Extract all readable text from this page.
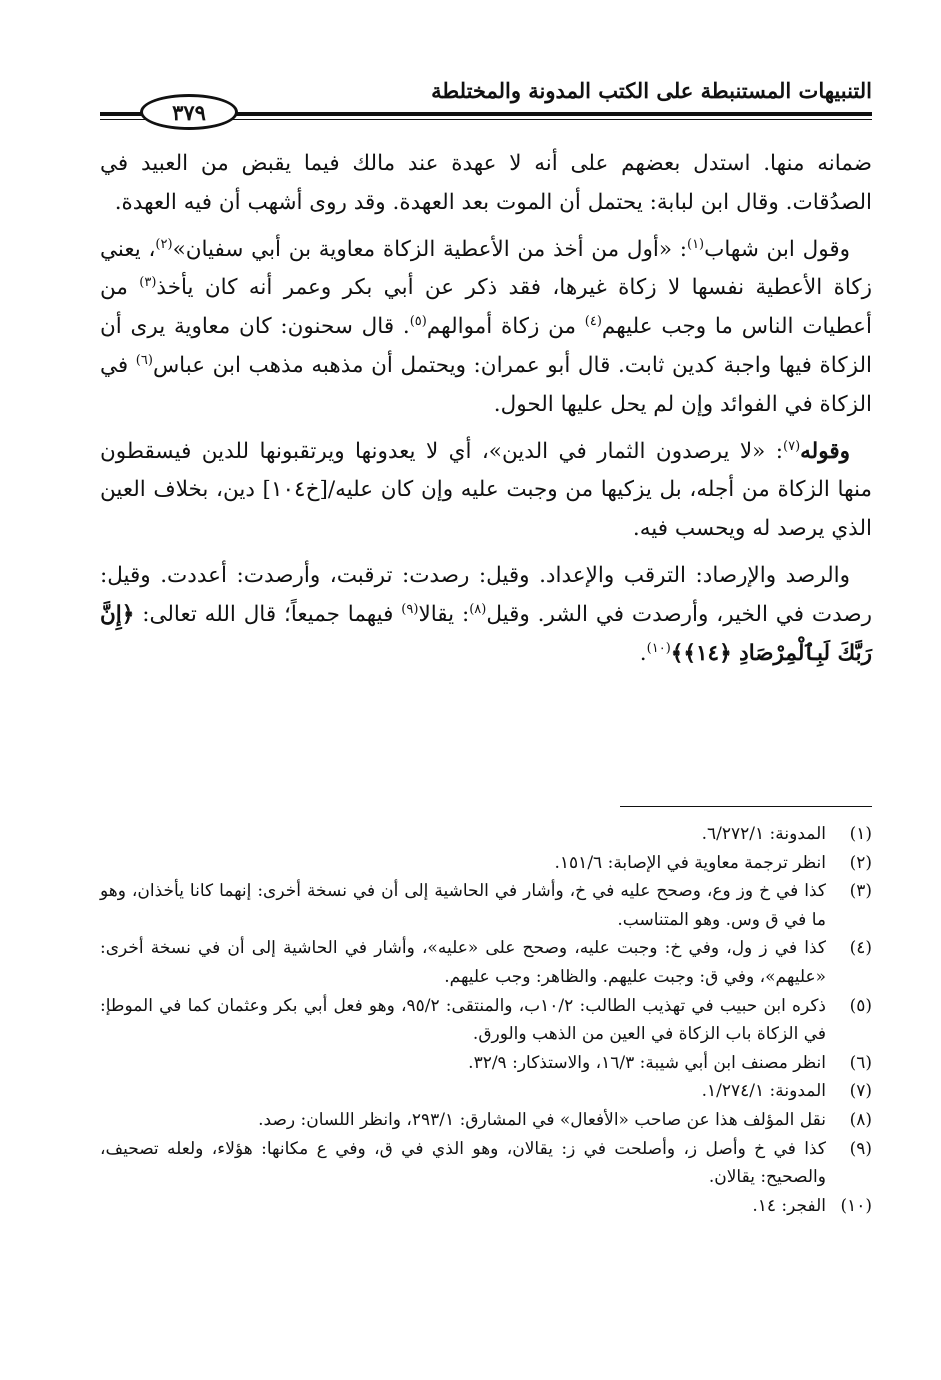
التنبيهات المستنبطة على الكتب المدونة والمختلطة
٣٧٩

ضمانه منها. استدل بعضهم على أنه لا عهدة عند مالك فيما يقبض من العبيد في الصدُقات. وقال ابن لبابة: يحتمل أن الموت بعد العهدة. وقد روى أشهب أن فيه العهدة.

وقول ابن شهاب$^{(١)}$: «أول من أخذ من الأعطية الزكاة معاوية بن أبي سفيان»$^{(٢)}$، يعني زكاة الأعطية نفسها لا زكاة غيرها، فقد ذكر عن أبي بكر وعمر أنه كان يأخذ$^{(٣)}$ من أعطيات الناس ما وجب عليهم$^{(٤)}$ من زكاة أموالهم$^{(٥)}$. قال سحنون: كان معاوية يرى أن الزكاة فيها واجبة كدين ثابت. قال أبو عمران: ويحتمل أن مذهبه مذهب ابن عباس$^{(٦)}$ في الزكاة في الفوائد وإن لم يحل عليها الحول.

وقوله$^{(٧)}$: «لا يرصدون الثمار في الدين»، أي لا يعدونها ويرتقبونها للدين فيسقطون منها الزكاة من أجله، بل يزكيها من وجبت عليه وإن كان عليه/[خ١٠٤] دين، بخلاف العين الذي يرصد له ويحسب فيه.

والرصد والإرصاد: الترقب والإعداد. وقيل: رصدت: ترقبت، وأرصدت: أعددت. وقيل: رصدت في الخير، وأرصدت في الشر. وقيل$^{(٨)}$: يقالا$^{(٩)}$ فيهما جميعاً؛ قال الله تعالى: ﴿إِنَّ رَبَّكَ لَبِٱلْمِرْصَادِ ﴿١٤﴾﴾$^{(١٠)}$.

(١)
المدونة: ٦/٢٧٢/١.
(٢)
انظر ترجمة معاوية في الإصابة: ١٥١/٦.
(٣)
كذا في خ وز وع، وصحح عليه في خ، وأشار في الحاشية إلى أن في نسخة أخرى: إنهما كانا يأخذان، وهو ما في ق وس. وهو المتناسب.
(٤)
كذا في ز ول، وفي خ: وجبت عليه، وصحح على «عليه»، وأشار في الحاشية إلى أن في نسخة أخرى: «عليهم»، وفي ق: وجبت عليهم. والظاهر: وجب عليهم.
(٥)
ذكره ابن حبيب في تهذيب الطالب: ١٠/٢ب، والمنتقى: ٩٥/٢، وهو فعل أبي بكر وعثمان كما في الموطإ: في الزكاة باب الزكاة في العين من الذهب والورق.
(٦)
انظر مصنف ابن أبي شيبة: ١٦/٣، والاستذكار: ٣٢/٩.
(٧)
المدونة: ١/٢٧٤/١.
(٨)
نقل المؤلف هذا عن صاحب «الأفعال» في المشارق: ٢٩٣/١، وانظر اللسان: رصد.
(٩)
كذا في خ وأصل ز، وأصلحت في ز: يقالان، وهو الذي في ق، وفي ع مكانها: هؤلاء، ولعله تصحيف، والصحيح: يقالان.
(١٠)
الفجر: ١٤.
